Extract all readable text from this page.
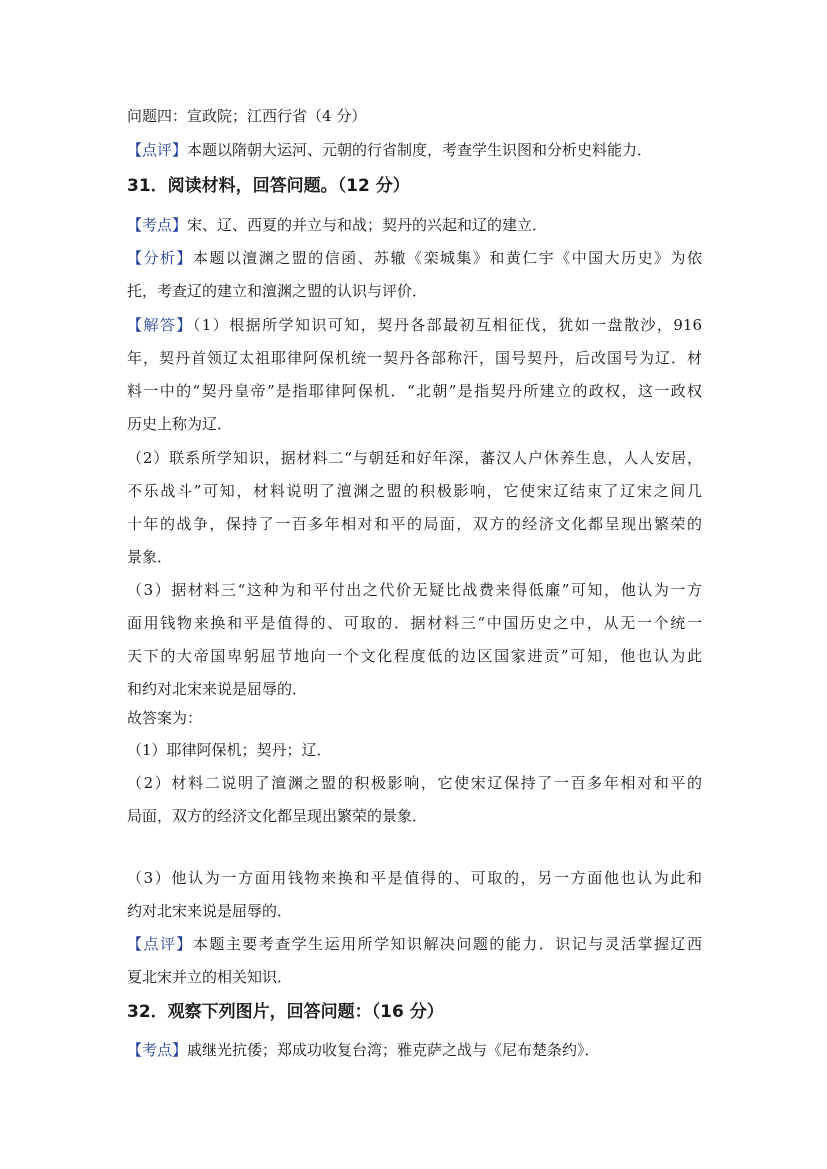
问题四：宣政院；江西行省（4 分）
【点评】本题以隋朝大运河、元朝的行省制度，考查学生识图和分析史料能力．
31．阅读材料，回答问题。（12 分）
【考点】宋、辽、西夏的并立与和战；契丹的兴起和辽的建立．
【分析】本题以澶渊之盟的信函、苏辙《栾城集》和黄仁宇《中国大历史》为依
托，考查辽的建立和澶渊之盟的认识与评价．
【解答】（1）根据所学知识可知，契丹各部最初互相征伐，犹如一盘散沙，916
年，契丹首领辽太祖耶律阿保机统一契丹各部称汗，国号契丹，后改国号为辽．材
料一中的“契丹皇帝”是指耶律阿保机．“北朝”是指契丹所建立的政权，这一政权
历史上称为辽．
（2）联系所学知识，据材料二“与朝廷和好年深，蕃汉人户休养生息，人人安居，
不乐战斗”可知，材料说明了澶渊之盟的积极影响，它使宋辽结束了辽宋之间几
十年的战争，保持了一百多年相对和平的局面，双方的经济文化都呈现出繁荣的
景象．
（3）据材料三“这种为和平付出之代价无疑比战费来得低廉”可知，他认为一方
面用钱物来换和平是值得的、可取的．据材料三“中国历史之中，从无一个统一
天下的大帝国卑躬屈节地向一个文化程度低的边区国家进贡”可知，他也认为此
和约对北宋来说是屈辱的．
故答案为：
（1）耶律阿保机；契丹；辽．
（2）材料二说明了澶渊之盟的积极影响，它使宋辽保持了一百多年相对和平的
局面，双方的经济文化都呈现出繁荣的景象．
（3）他认为一方面用钱物来换和平是值得的、可取的，另一方面他也认为此和
约对北宋来说是屈辱的．
【点评】本题主要考查学生运用所学知识解决问题的能力．识记与灵活掌握辽西
夏北宋并立的相关知识．
32．观察下列图片，回答问题：（16 分）
【考点】戚继光抗倭；郑成功收复台湾；雅克萨之战与《尼布楚条约》．
